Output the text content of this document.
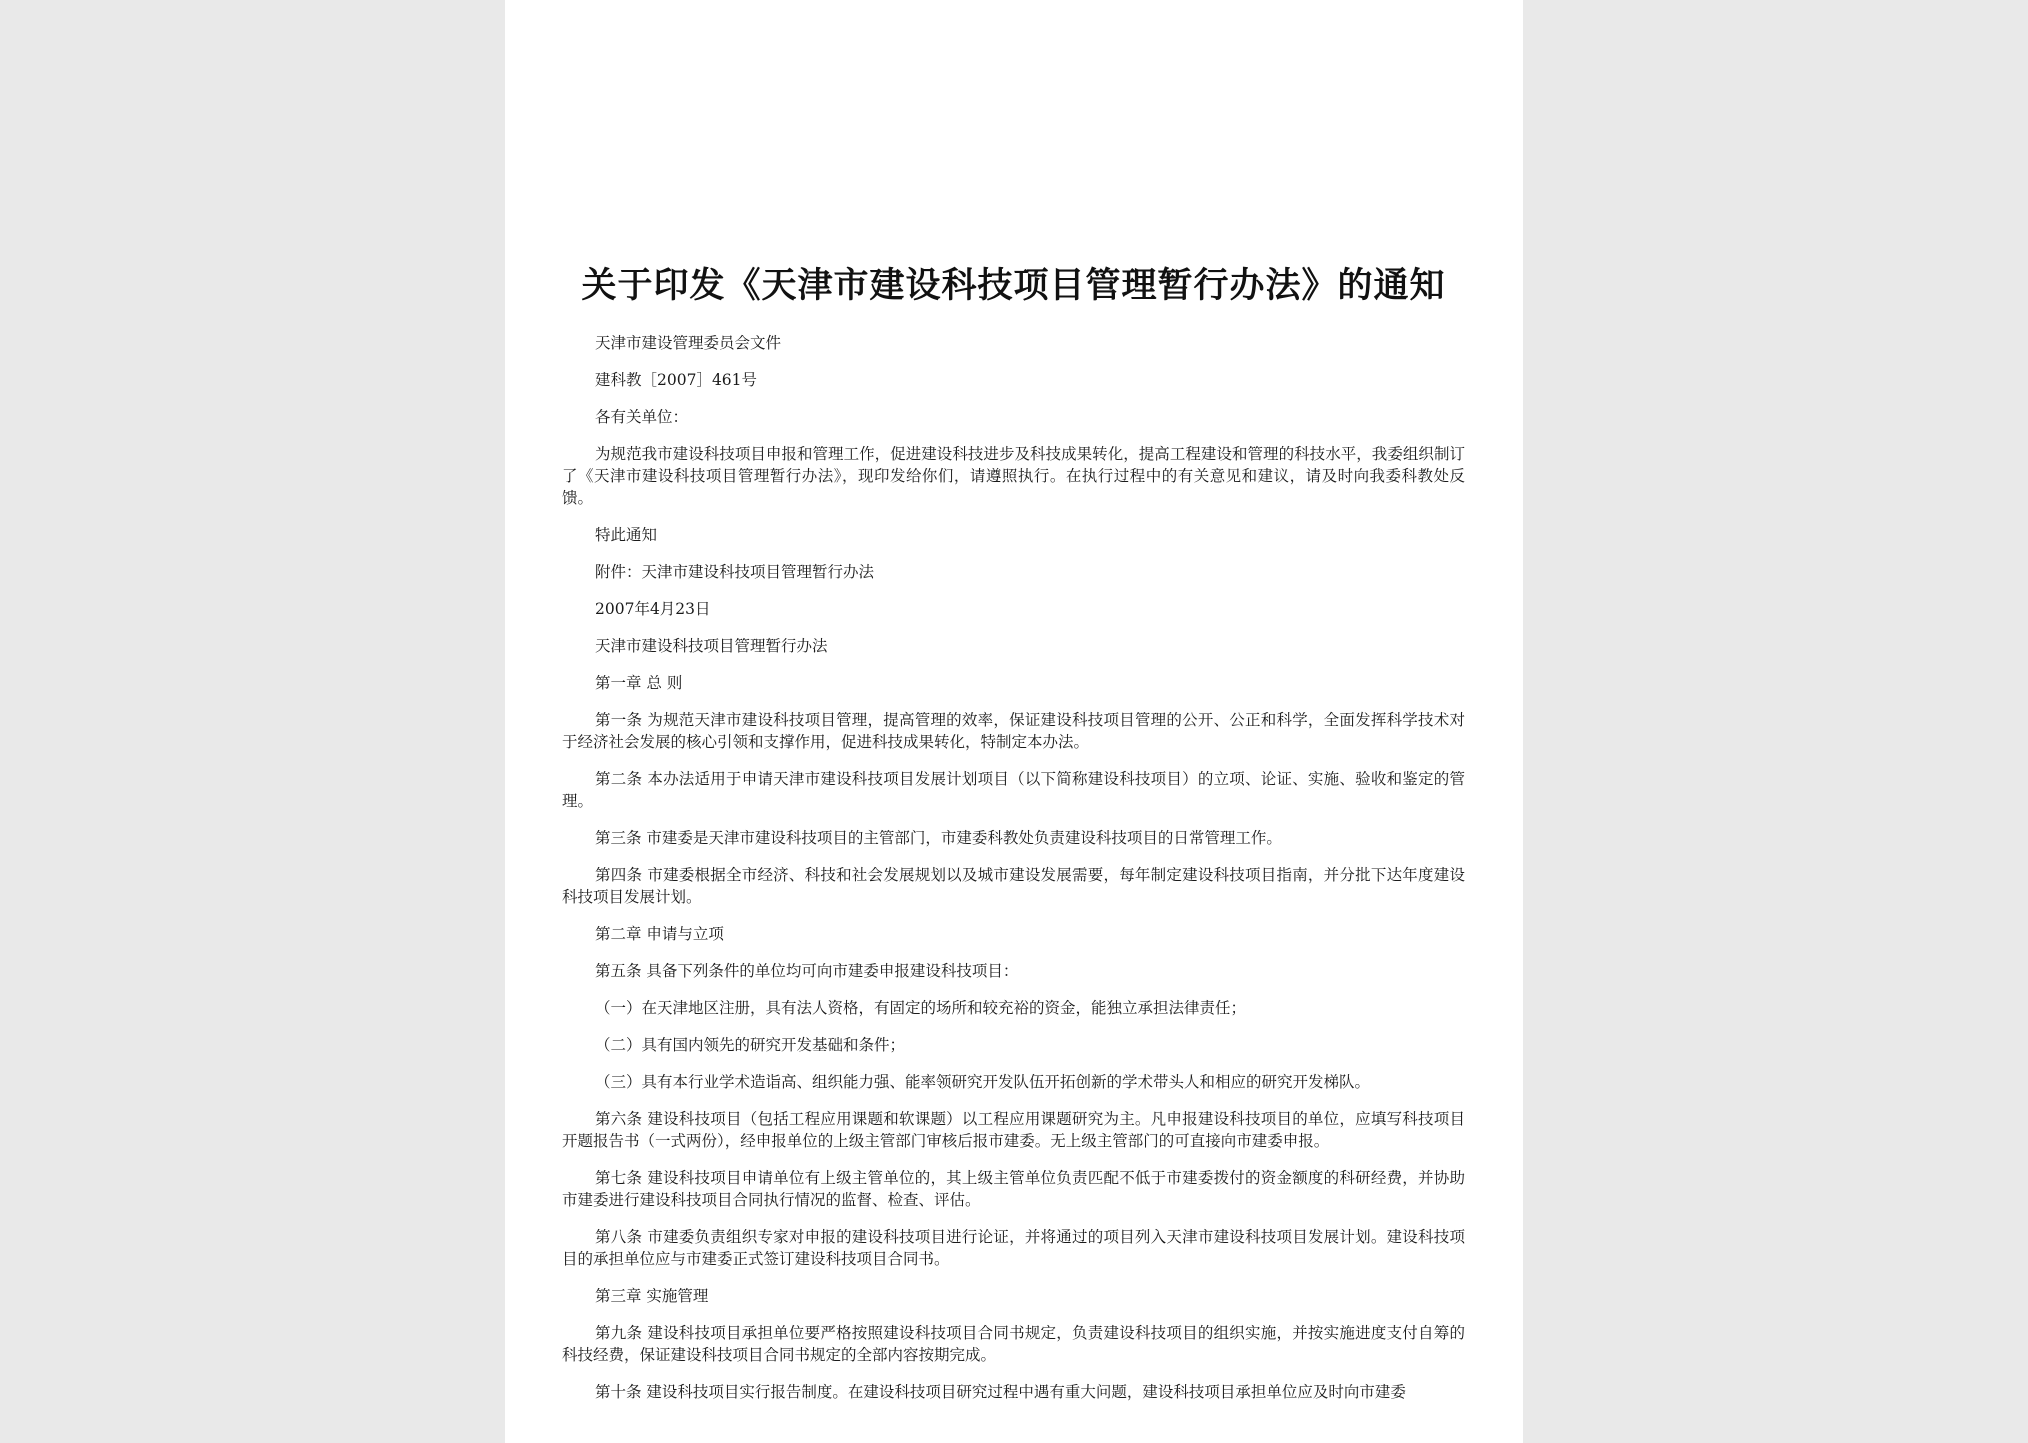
关于印发《天津市建设科技项目管理暂行办法》的通知

天津市建设管理委员会文件

建科教［2007］461号

各有关单位：

为规范我市建设科技项目申报和管理工作，促进建设科技进步及科技成果转化，提高工程建设和管理的科技水平，我委组织制订了《天津市建设科技项目管理暂行办法》，现印发给你们，请遵照执行。在执行过程中的有关意见和建议，请及时向我委科教处反馈。

特此通知

附件：天津市建设科技项目管理暂行办法

2007年4月23日

天津市建设科技项目管理暂行办法

第一章 总 则

第一条 为规范天津市建设科技项目管理，提高管理的效率，保证建设科技项目管理的公开、公正和科学，全面发挥科学技术对于经济社会发展的核心引领和支撑作用，促进科技成果转化，特制定本办法。

第二条 本办法适用于申请天津市建设科技项目发展计划项目（以下简称建设科技项目）的立项、论证、实施、验收和鉴定的管理。

第三条 市建委是天津市建设科技项目的主管部门，市建委科教处负责建设科技项目的日常管理工作。

第四条 市建委根据全市经济、科技和社会发展规划以及城市建设发展需要，每年制定建设科技项目指南，并分批下达年度建设科技项目发展计划。

第二章 申请与立项

第五条 具备下列条件的单位均可向市建委申报建设科技项目：

（一）在天津地区注册，具有法人资格，有固定的场所和较充裕的资金，能独立承担法律责任；

（二）具有国内领先的研究开发基础和条件；

（三）具有本行业学术造诣高、组织能力强、能率领研究开发队伍开拓创新的学术带头人和相应的研究开发梯队。

第六条 建设科技项目（包括工程应用课题和软课题）以工程应用课题研究为主。凡申报建设科技项目的单位，应填写科技项目开题报告书（一式两份），经申报单位的上级主管部门审核后报市建委。无上级主管部门的可直接向市建委申报。

第七条 建设科技项目申请单位有上级主管单位的，其上级主管单位负责匹配不低于市建委拨付的资金额度的科研经费，并协助市建委进行建设科技项目合同执行情况的监督、检查、评估。

第八条 市建委负责组织专家对申报的建设科技项目进行论证，并将通过的项目列入天津市建设科技项目发展计划。建设科技项目的承担单位应与市建委正式签订建设科技项目合同书。

第三章 实施管理

第九条 建设科技项目承担单位要严格按照建设科技项目合同书规定，负责建设科技项目的组织实施，并按实施进度支付自筹的科技经费，保证建设科技项目合同书规定的全部内容按期完成。

第十条 建设科技项目实行报告制度。在建设科技项目研究过程中遇有重大问题，建设科技项目承担单位应及时向市建委
